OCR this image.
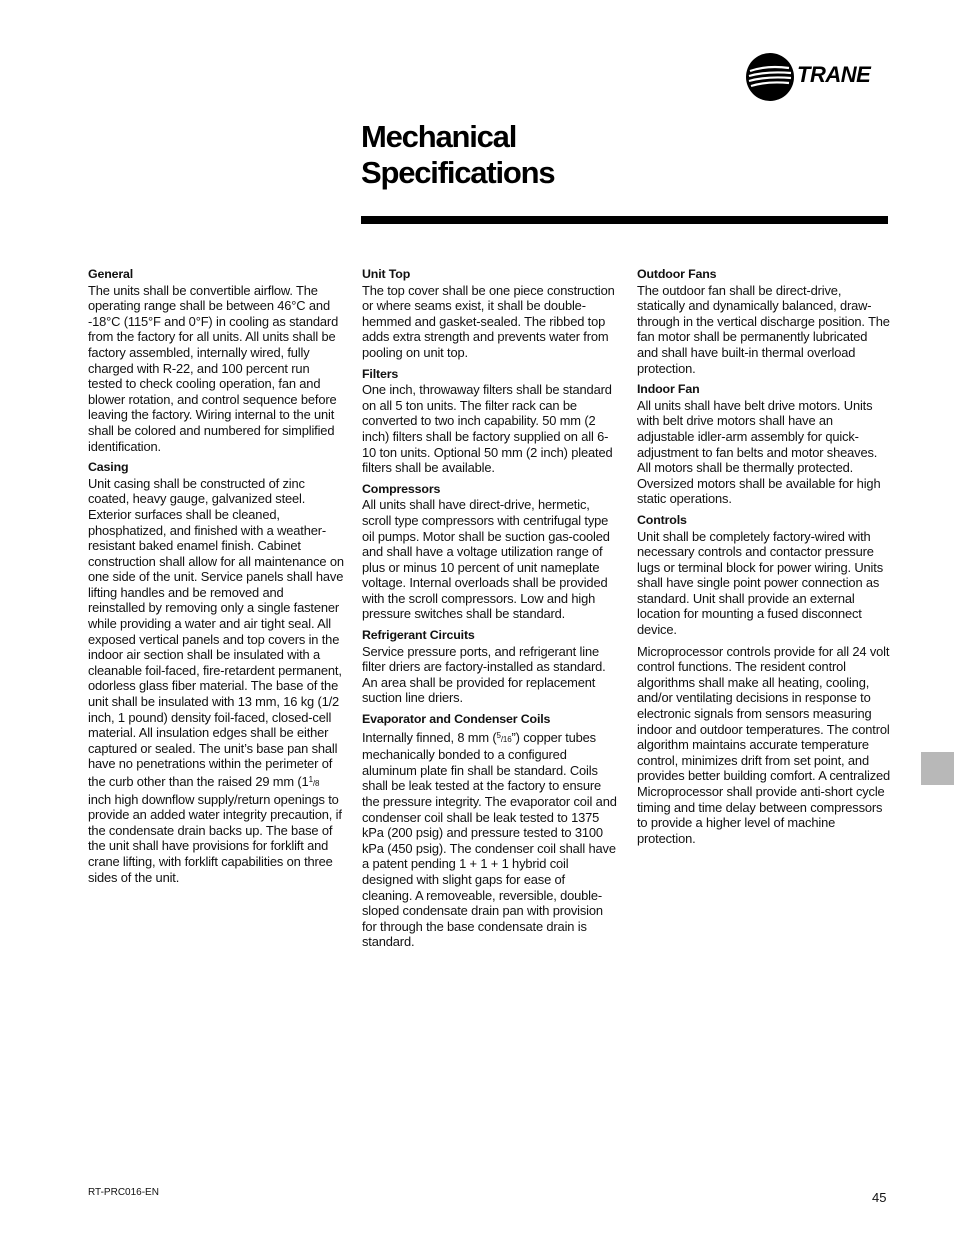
TRANE
Mechanical
Specifications
General
The units shall be convertible airflow. The operating range shall be between 46°C and -18°C (115°F and 0°F) in cooling as standard from the factory for all units. All units shall be factory assembled, internally wired, fully charged with R-22, and 100 percent run tested to check cooling operation, fan and blower rotation, and control sequence before leaving the factory. Wiring internal to the unit shall be colored and numbered for simplified identification.
Casing
Unit casing shall be constructed of zinc coated, heavy gauge, galvanized steel. Exterior surfaces shall be cleaned, phosphatized, and finished with a weather-resistant baked enamel finish. Cabinet construction shall allow for all maintenance on one side of the unit. Service panels shall have lifting handles and be removed and reinstalled by removing only a single fastener while providing a water and air tight seal. All exposed vertical panels and top covers in the indoor air section shall be insulated with a cleanable foil-faced, fire-retardent permanent, odorless glass fiber material. The base of the unit shall be insulated with 13 mm, 16 kg (1/2 inch, 1 pound) density foil-faced, closed-cell material. All insulation edges shall be either captured or sealed. The unit’s base pan shall have no penetrations within the perimeter of the curb other than the raised 29 mm ($1^1/8$ inch high downflow supply/return openings to provide an added water integrity precaution, if the condensate drain backs up. The base of the unit shall have provisions for forklift and crane lifting, with forklift capabilities on three sides of the unit.
Unit Top
The top cover shall be one piece construction or where seams exist, it shall be double-hemmed and gasket-sealed. The ribbed top adds extra strength and prevents water from pooling on unit top.
Filters
One inch, throwaway filters shall be standard on all 5 ton units. The filter rack can be converted to two inch capability. 50 mm (2 inch) filters shall be factory supplied on all 6-10 ton units. Optional 50 mm (2 inch) pleated filters shall be available.
Compressors
All units shall have direct-drive, hermetic, scroll type compressors with centrifugal type oil pumps. Motor shall be suction gas-cooled and shall have a voltage utilization range of plus or minus 10 percent of unit nameplate voltage. Internal overloads shall be provided with the scroll compressors. Low and high pressure switches shall be standard.
Refrigerant Circuits
Service pressure ports, and refrigerant line filter driers are factory-installed as standard. An area shall be provided for replacement suction line driers.
Evaporator and Condenser Coils
Internally finned, 8 mm ($^5$/16”) copper tubes mechanically bonded to a configured aluminum plate fin shall be standard. Coils shall be leak tested at the factory to ensure the pressure integrity. The evaporator coil and condenser coil shall be leak tested to 1375 kPa (200 psig) and pressure tested to 3100 kPa (450 psig). The condenser coil shall have a patent pending 1 + 1 + 1 hybrid coil designed with slight gaps for ease of cleaning. A removeable, reversible, double-sloped condensate drain pan with provision for through the base condensate drain is standard.
Outdoor Fans
The outdoor fan shall be direct-drive, statically and dynamically balanced, draw-through in the vertical discharge position. The fan motor shall be permanently lubricated and shall have built-in thermal overload protection.
Indoor Fan
All units shall have belt drive motors. Units with belt drive motors shall have an adjustable idler-arm assembly for quick-adjustment to fan belts and motor sheaves. All motors shall be thermally protected. Oversized motors shall be available for high static operations.
Controls
Unit shall be completely factory-wired with necessary controls and contactor pressure lugs or terminal block for power wiring. Units shall have single point power connection as standard. Unit shall provide an external location for mounting a fused disconnect device.
Microprocessor controls provide for all 24 volt control functions. The resident control algorithms shall make all heating, cooling, and/or ventilating decisions in response to electronic signals from sensors measuring indoor and outdoor temperatures. The control algorithm maintains accurate temperature control, minimizes drift from set point, and provides better building comfort. A centralized Microprocessor shall provide anti-short cycle timing and time delay between compressors to provide a higher level of machine protection.
RT-PRC016-EN	45
